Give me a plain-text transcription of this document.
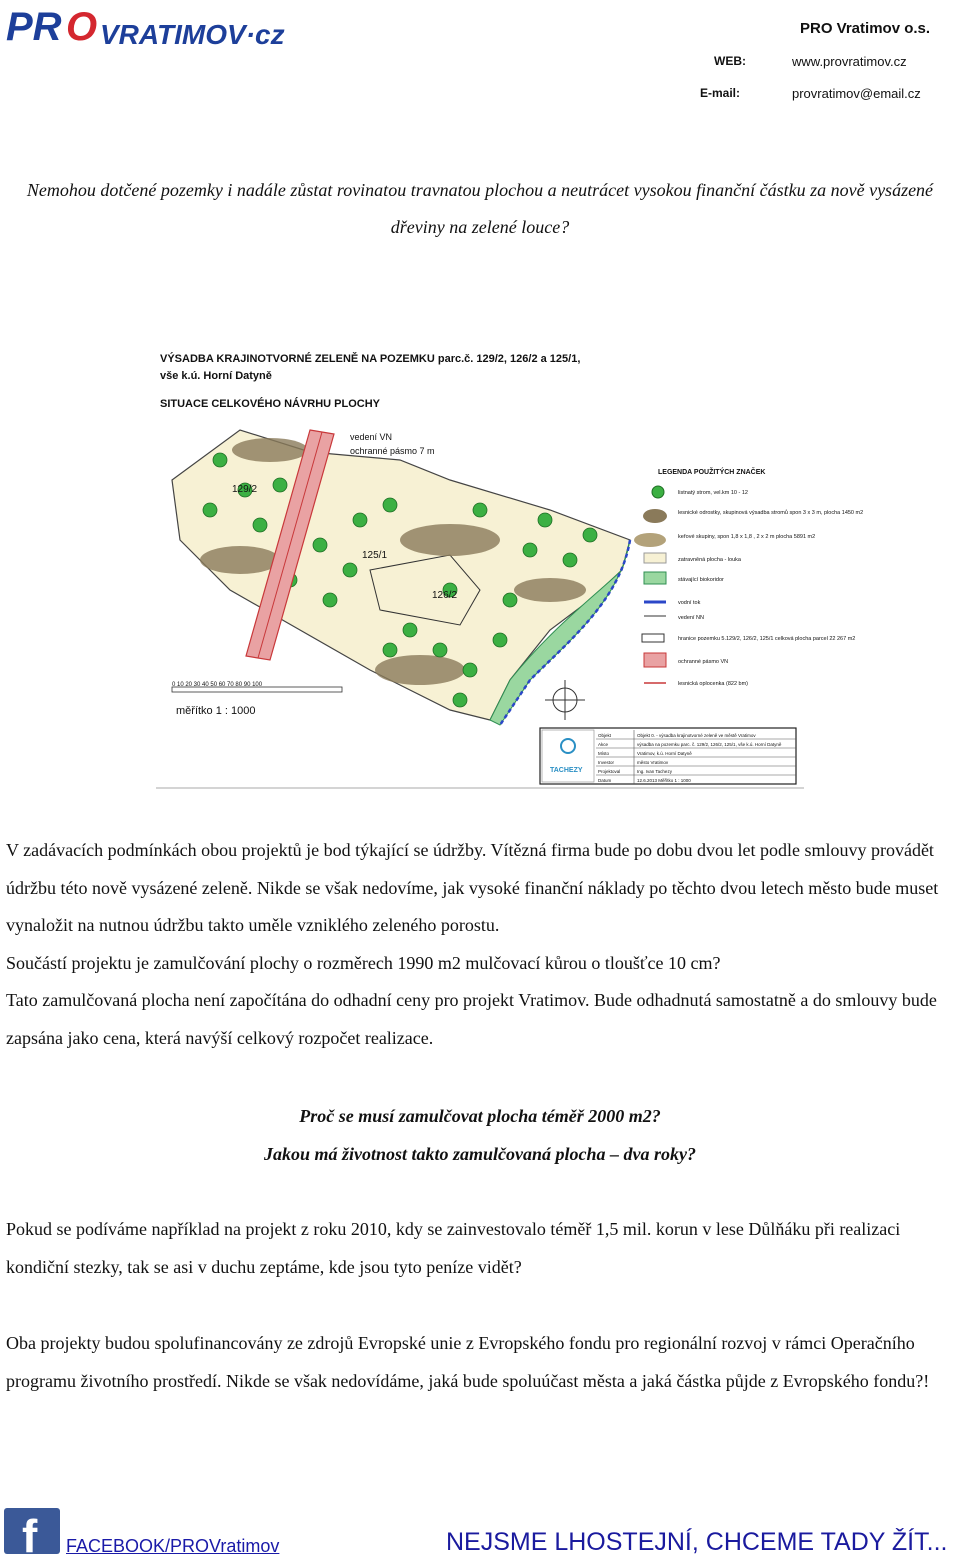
PR O VRATIMOV·cz	PRO Vratimov o.s.
WEB:	www.provratimov.cz
E-mail:	provratimov@email.cz
Nemohou dotčené pozemky i nadále zůstat rovinatou travnatou plochou a neutrácet vysokou finanční částku za nově vysázené dřeviny na zelené louce?
VÝSADBA KRAJINOTVORNÉ ZELENĚ NA POZEMKU parc.č. 129/2, 126/2 a 125/1,
vše k.ú. Horní Datyně
SITUACE CELKOVÉHO NÁVRHU PLOCHY
vedení VN
ochranné pásmo 7 m
129/2
125/1
126/2
0 10 20 30 40 50 60 70 80 90 100
měřítko 1 : 1000
LEGENDA POUŽITÝCH ZNAČEK
listnatý strom, vel.km 10 - 12
lesnické odrostky, skupinová výsadba stromů spon 3 x 3 m, plocha 1450 m2
keřové skupiny, spon 1,8 x 1,8 , 2 x 2 m plocha 5891 m2
zatravněná plocha - louka
stávající biokoridor
vodní tok
vedení NN
hranice pozemku 5.129/2, 126/2, 125/1 celková plocha parcel 22 267 m2
ochranné pásmo VN
lesnická oplocenka (822 bm)
TACHEZY
Objekt	Objekt 0. - výsadba krajinotvorné zeleně ve městě Vratimov
Akce	výsadba na pozemku parc. č. 129/2, 126/2, 125/1, vše k.ú. Horní Datyně
Místo	Vratimov, k.ú. Horní Datyně
Investor	město Vratimov
Projektoval	Ing. Ivan Tachezy
Datum	12.6.2013 Měřítko 1 : 1000
V zadávacích podmínkách obou projektů je bod týkající se údržby. Vítězná firma bude po dobu dvou let podle smlouvy provádět údržbu této nově vysázené zeleně. Nikde se však nedovíme, jak vysoké finanční náklady po těchto dvou letech město bude muset vynaložit na nutnou údržbu takto uměle vzniklého zeleného porostu.
Součástí projektu je zamulčování plochy o rozměrech 1990 m2 mulčovací kůrou o tloušťce 10 cm?
Tato zamulčovaná plocha není započítána do odhadní ceny pro projekt Vratimov. Bude odhadnutá samostatně a do smlouvy bude zapsána jako cena, která navýší celkový rozpočet realizace.
Proč se musí zamulčovat plocha téměř 2000 m2?
Jakou má životnost takto zamulčovaná plocha – dva roky?
Pokud se podíváme například na projekt z roku 2010, kdy se zainvestovalo téměř 1,5 mil. korun v lese Důlňáku při realizaci kondiční stezky, tak se asi v duchu zeptáme, kde jsou tyto peníze vidět?
Oba projekty budou spolufinancovány ze zdrojů Evropské unie z Evropského fondu pro regionální rozvoj v rámci Operačního programu životního prostředí. Nikde se však nedovídáme, jaká bude spoluúčast města a jaká částka půjde z Evropského fondu?!
f FACEBOOK/PROVratimov	NEJSME LHOSTEJNÍ, CHCEME TADY ŽÍT...
